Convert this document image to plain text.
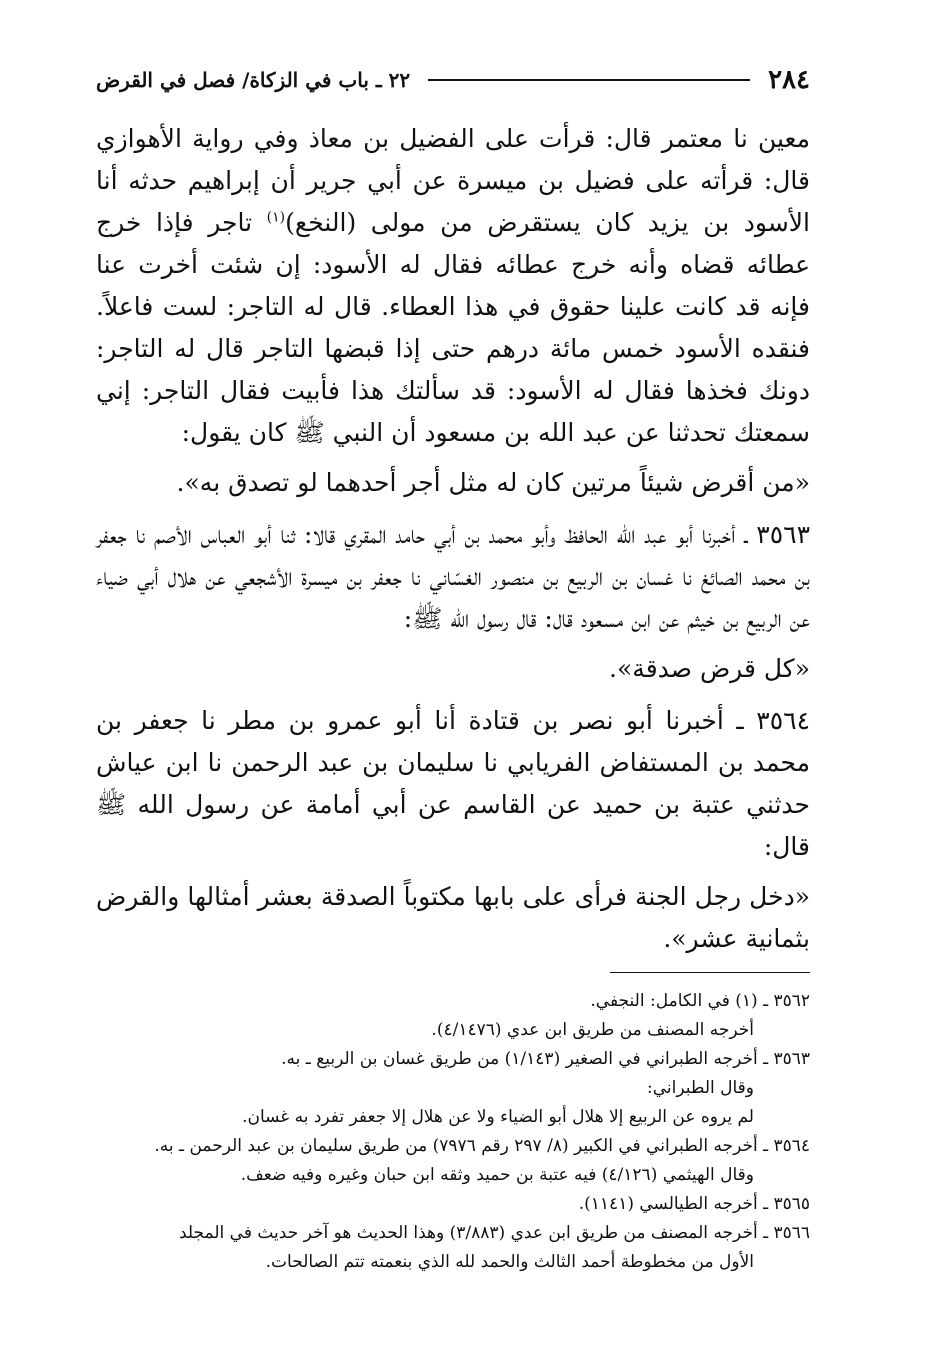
٢٨٤
٢٢ ـ باب في الزكاة/ فصل في القرض

معين نا معتمر قال: قرأت على الفضيل بن معاذ وفي رواية الأهوازي قال: قرأته على فضيل بن ميسرة عن أبي جرير أن إبراهيم حدثه أنا الأسود بن يزيد كان يستقرض من مولى (النخع)$^{(١)}$ تاجر فإذا خرج عطائه قضاه وأنه خرج عطائه فقال له الأسود: إن شئت أخرت عنا فإنه قد كانت علينا حقوق في هذا العطاء. قال له التاجر: لست فاعلاً. فنقده الأسود خمس مائة درهم حتى إذا قبضها التاجر قال له التاجر: دونك فخذها فقال له الأسود: قد سألتك هذا فأبيت فقال التاجر: إني سمعتك تحدثنا عن عبد الله بن مسعود أن النبي ﷺ كان يقول:

«من أقرض شيئاً مرتين كان له مثل أجر أحدهما لو تصدق به».

٣٥٦٣ ـ أخبرنا أبو عبد الله الحافظ وأبو محمد بن أبي حامد المقري قالا: ثنا أبو العباس الأصم نا جعفر بن محمد الصائغ نا غسان بن الربيع بن منصور الغسّاني نا جعفر بن ميسرة الأشجعي عن هلال أبي ضياء عن الربيع بن خيثم عن ابن مسعود قال: قال رسول الله ﷺ:

«كل قرض صدقة».

٣٥٦٤ ـ أخبرنا أبو نصر بن قتادة أنا أبو عمرو بن مطر نا جعفر بن محمد بن المستفاض الفريابي نا سليمان بن عبد الرحمن نا ابن عياش حدثني عتبة بن حميد عن القاسم عن أبي أمامة عن رسول الله ﷺ قال:

«دخل رجل الجنة فرأى على بابها مكتوباً الصدقة بعشر أمثالها والقرض بثمانية عشر».

٣٥٦٢ ـ (١) في الكامل: النجفي.

أخرجه المصنف من طريق ابن عدي (٤/١٤٧٦).

٣٥٦٣ ـ أخرجه الطبراني في الصغير (١/١٤٣) من طريق غسان بن الربيع ـ به.

وقال الطبراني:

لم يروه عن الربيع إلا هلال أبو الضياء ولا عن هلال إلا جعفر تفرد به غسان.

٣٥٦٤ ـ أخرجه الطبراني في الكبير (٨/ ٢٩٧ رقم ٧٩٧٦) من طريق سليمان بن عبد الرحمن ـ به.

وقال الهيثمي (٤/١٢٦) فيه عتبة بن حميد وثقه ابن حبان وغيره وفيه ضعف.

٣٥٦٥ ـ أخرجه الطيالسي (١١٤١).

٣٥٦٦ ـ أخرجه المصنف من طريق ابن عدي (٣/٨٨٣) وهذا الحديث هو آخر حديث في المجلد

الأول من مخطوطة أحمد الثالث والحمد لله الذي بنعمته تتم الصالحات.
